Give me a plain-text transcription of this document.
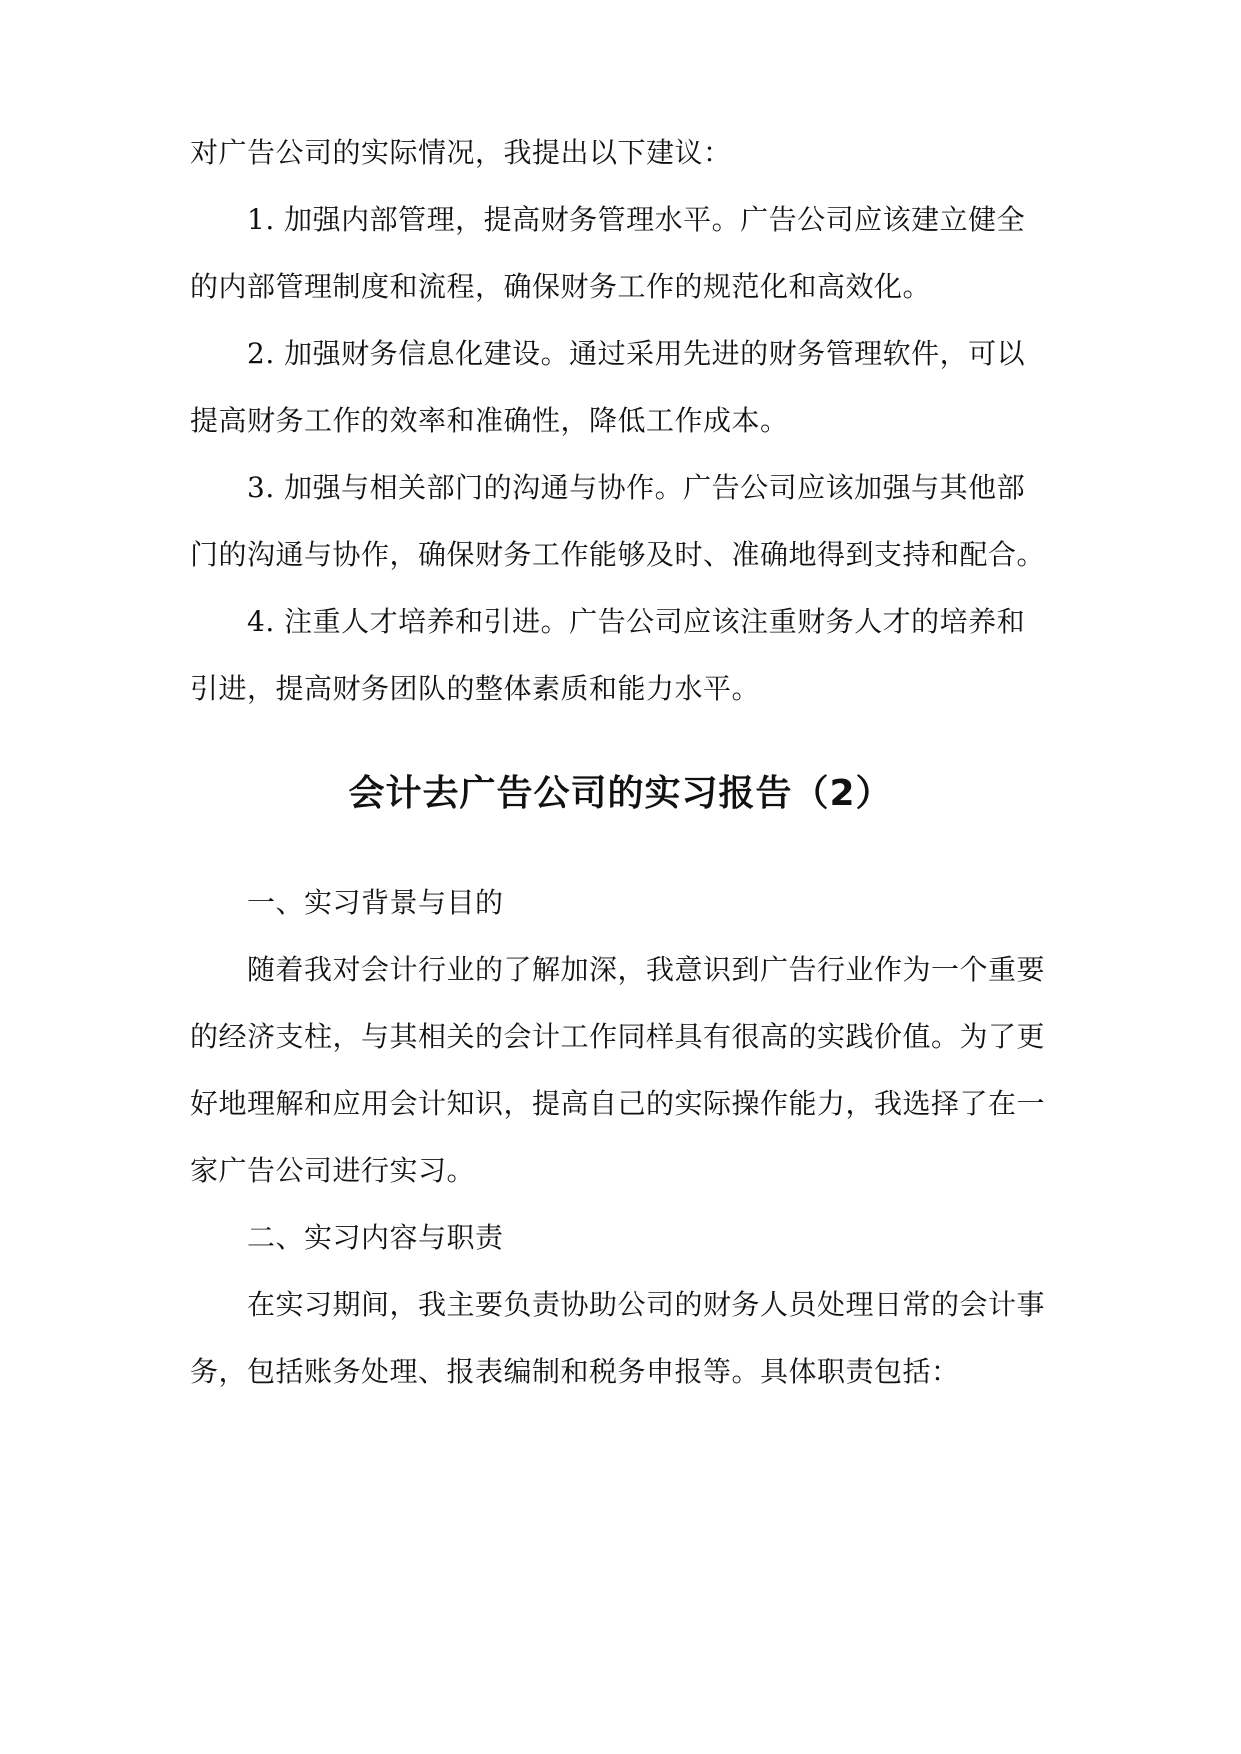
对广告公司的实际情况，我提出以下建议：
1. 加强内部管理，提高财务管理水平。广告公司应该建立健全
的内部管理制度和流程，确保财务工作的规范化和高效化。
2. 加强财务信息化建设。通过采用先进的财务管理软件，可以
提高财务工作的效率和准确性，降低工作成本。
3. 加强与相关部门的沟通与协作。广告公司应该加强与其他部
门的沟通与协作，确保财务工作能够及时、准确地得到支持和配合。
4. 注重人才培养和引进。广告公司应该注重财务人才的培养和
引进，提高财务团队的整体素质和能力水平。
会计去广告公司的实习报告（2）
一、实习背景与目的
随着我对会计行业的了解加深，我意识到广告行业作为一个重要
的经济支柱，与其相关的会计工作同样具有很高的实践价值。为了更
好地理解和应用会计知识，提高自己的实际操作能力，我选择了在一
家广告公司进行实习。
二、实习内容与职责
在实习期间，我主要负责协助公司的财务人员处理日常的会计事
务，包括账务处理、报表编制和税务申报等。具体职责包括：
